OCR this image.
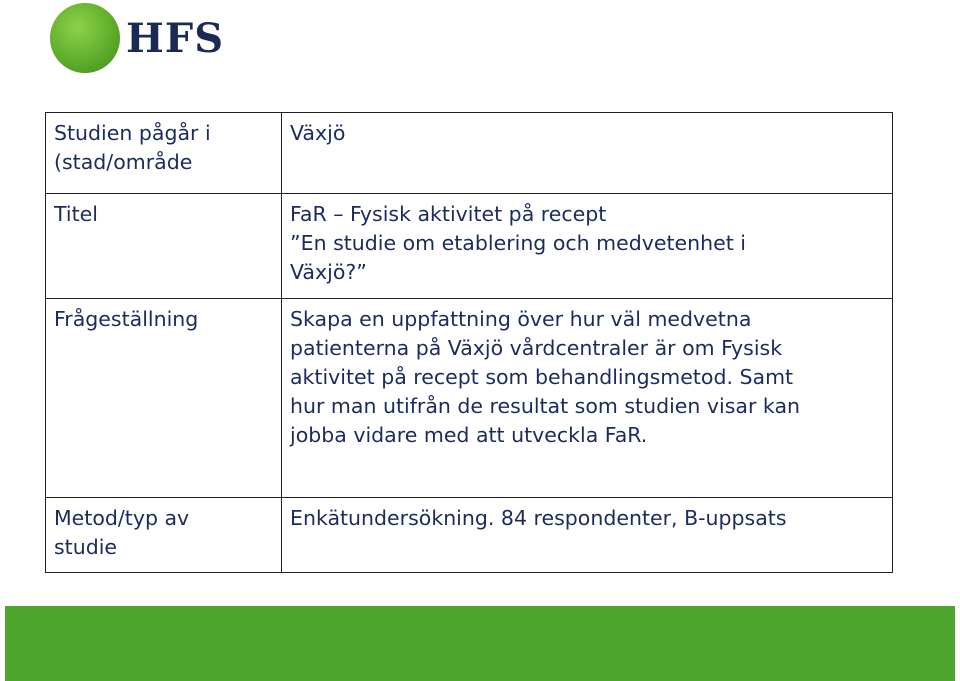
HFS
Studien pågår i
(stad/område	Växjö

Titel	FaR – Fysisk aktivitet på recept
”En studie om etablering och medvetenhet i
Växjö?”

Frågeställning	Skapa en uppfattning över hur väl medvetna
patienterna på Växjö vårdcentraler är om Fysisk
aktivitet på recept som behandlingsmetod. Samt
hur man utifrån de resultat som studien visar kan
jobba vidare med att utveckla FaR.

Metod/typ av
studie	Enkätundersökning. 84 respondenter, B-uppsats
